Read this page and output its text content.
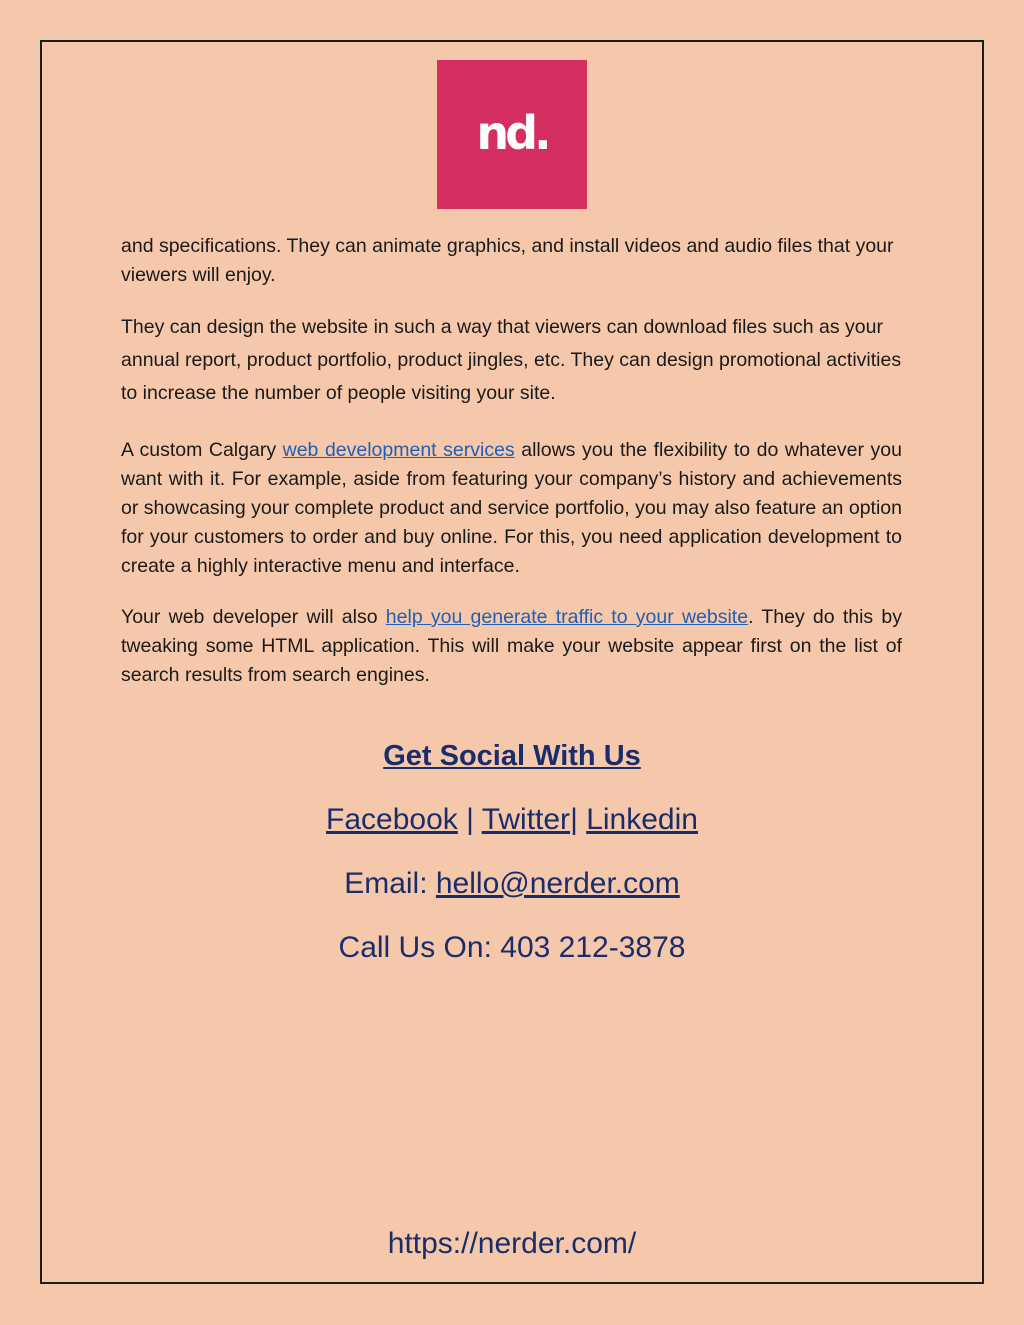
nd.

and specifications. They can animate graphics, and install videos and audio files that your viewers will enjoy.

They can design the website in such a way that viewers can download files such as your annual report, product portfolio, product jingles, etc. They can design promotional activities to increase the number of people visiting your site.

A custom Calgary web development services allows you the flexibility to do whatever you want with it. For example, aside from featuring your company’s history and achievements or showcasing your complete product and service portfolio, you may also feature an option for your customers to order and buy online. For this, you need application development to create a highly interactive menu and interface.

Your web developer will also help you generate traffic to your website. They do this by tweaking some HTML application. This will make your website appear first on the list of search results from search engines.

Get Social With Us
Facebook | Twitter| Linkedin
Email: hello@nerder.com
Call Us On: 403 212-3878
https://nerder.com/
